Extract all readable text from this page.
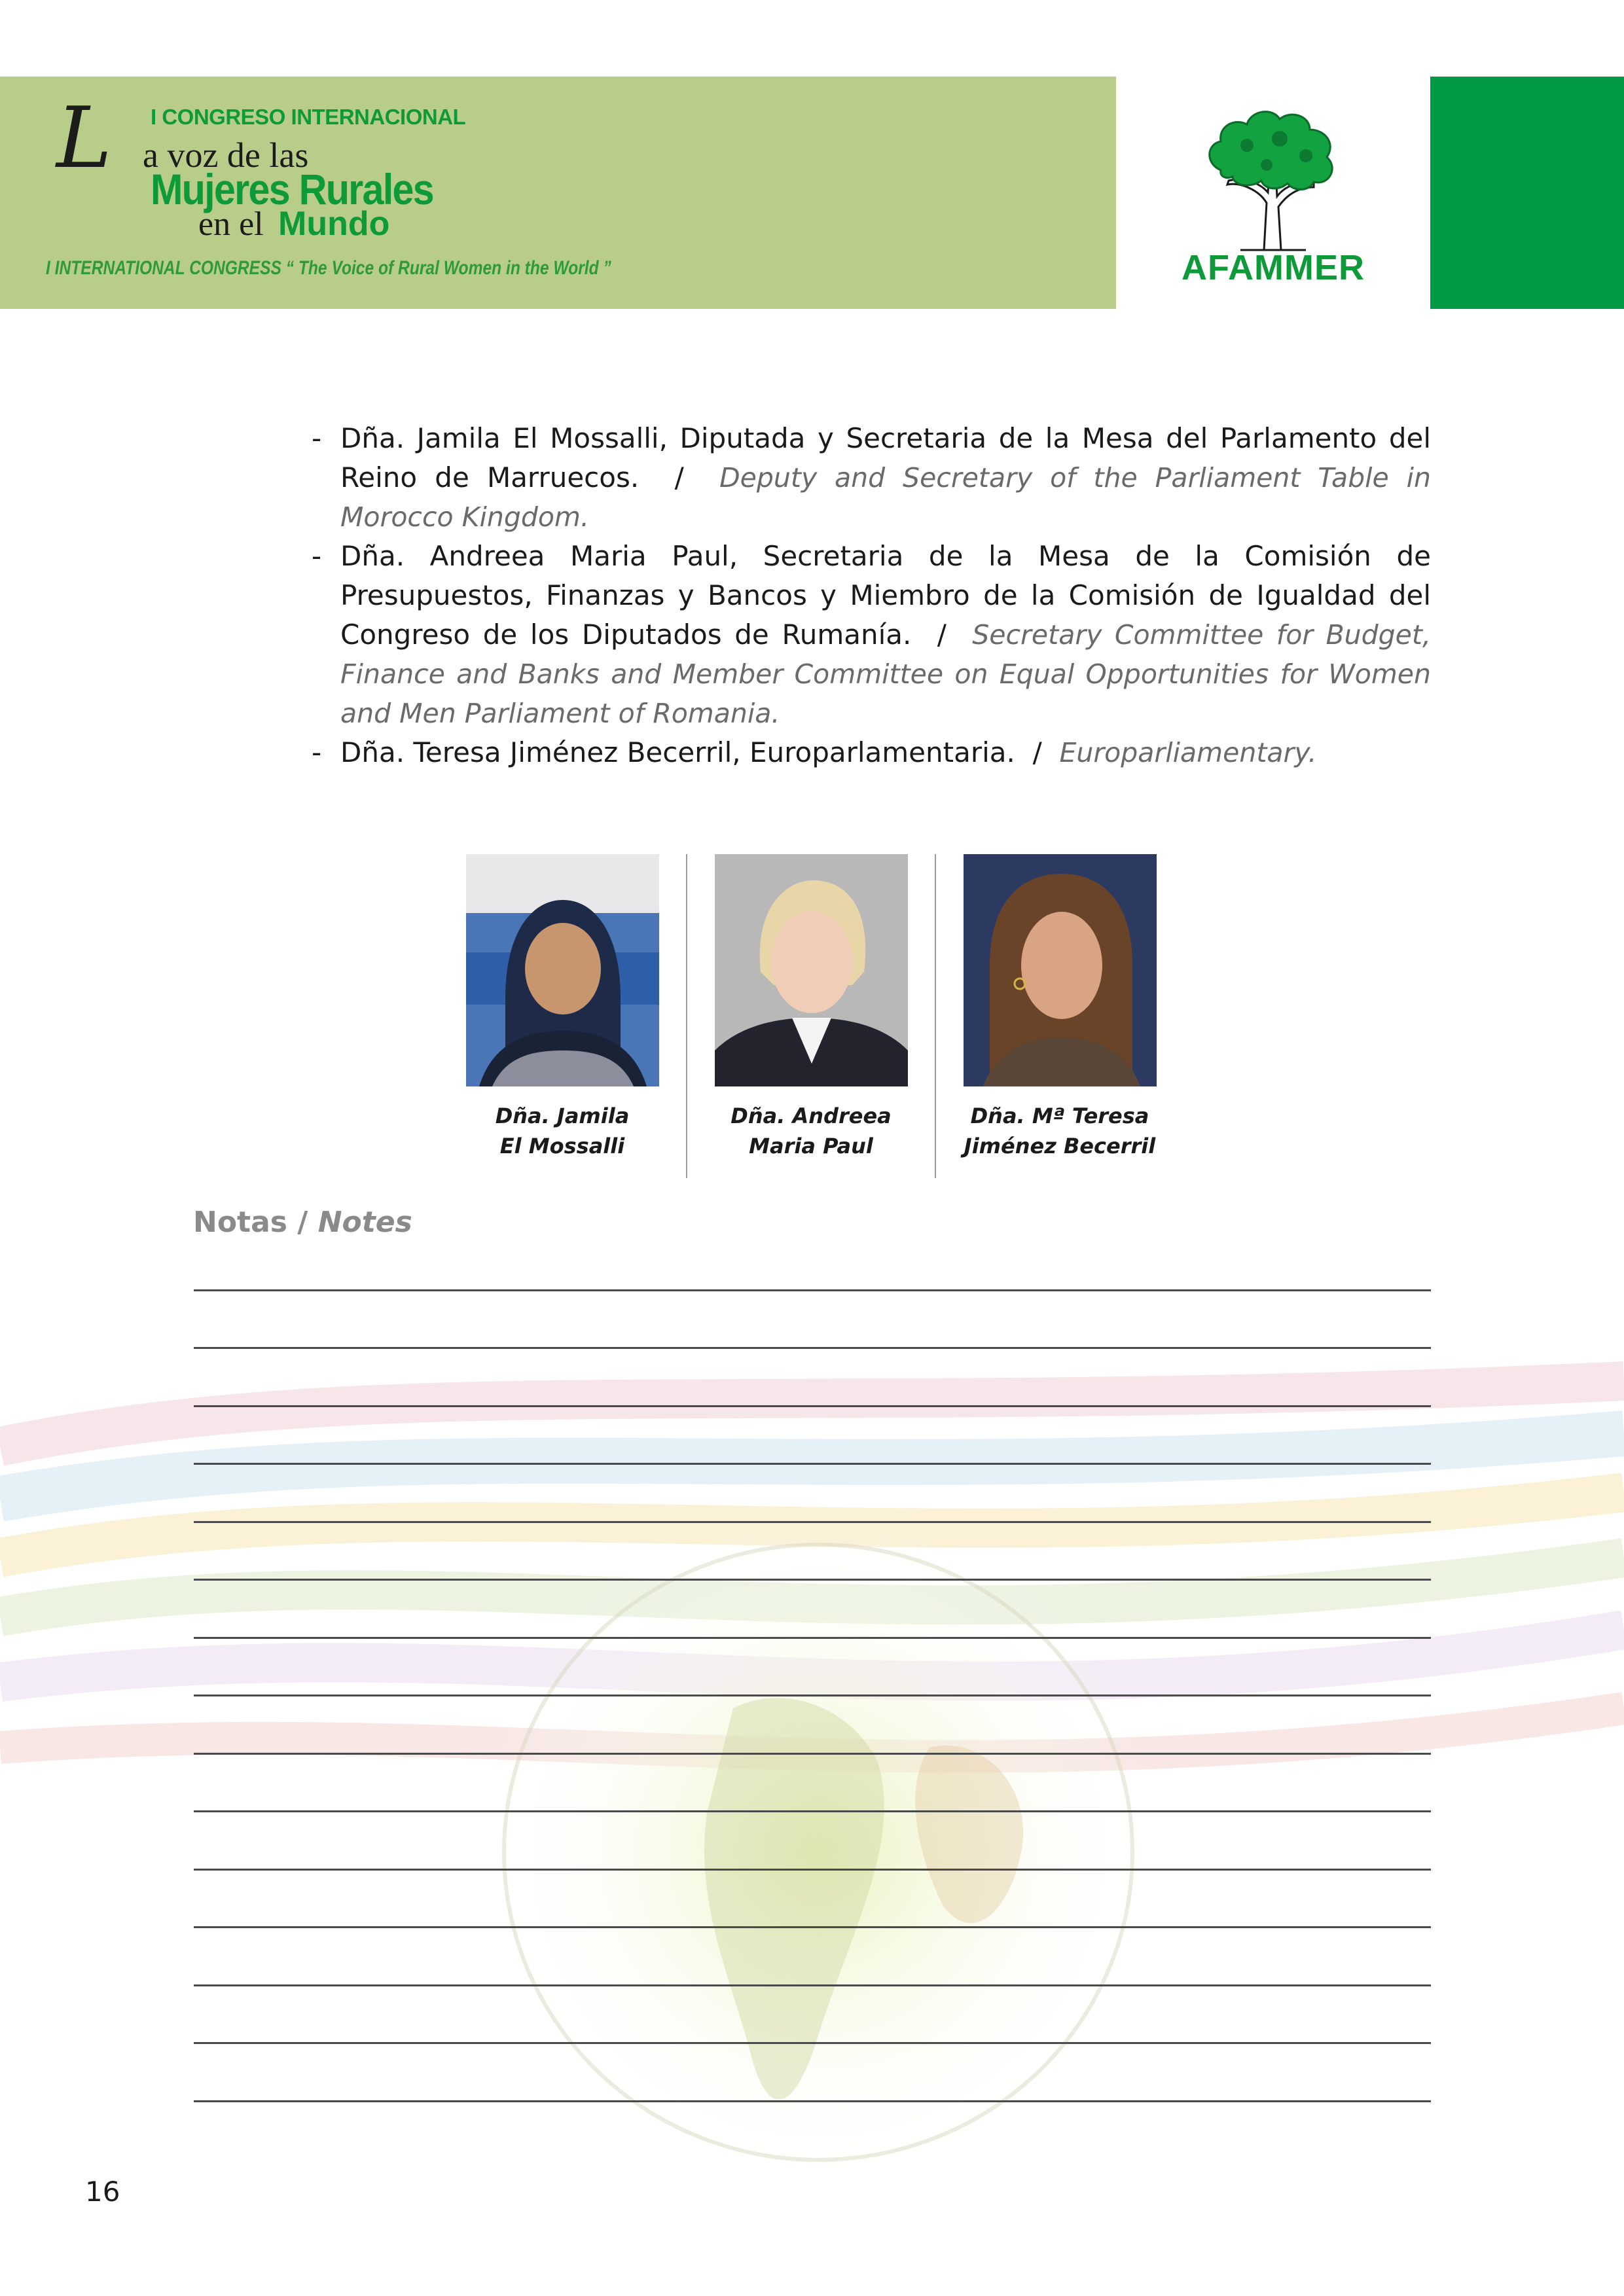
I CONGRESO INTERNACIONAL
L a voz de las
Mujeres Rurales
en el Mundo
I INTERNATIONAL CONGRESS “ The Voice of Rural Women in the World ”	AFAMMER

- Dña. Jamila El Mossalli, Diputada y Secretaria de la Mesa del Parlamento del Reino de Marruecos. / Deputy and Secretary of the Parliament Table in Morocco Kingdom.

- Dña. Andreea Maria Paul, Secretaria de la Mesa de la Comisión de Presupuestos, Finanzas y Bancos y Miembro de la Comisión de Igualdad del Congreso de los Diputados de Rumanía. / Secretary Committee for Budget, Finance and Banks and Member Committee on Equal Opportunities for Women and Men Parliament of Romania.

- Dña. Teresa Jiménez Becerril, Europarlamentaria. / Europarliamentary.

Dña. Jamila
El Mossalli
Dña. Andreea
Maria Paul
Dña. Mª Teresa
Jiménez Becerril
Notas / Notes
16
